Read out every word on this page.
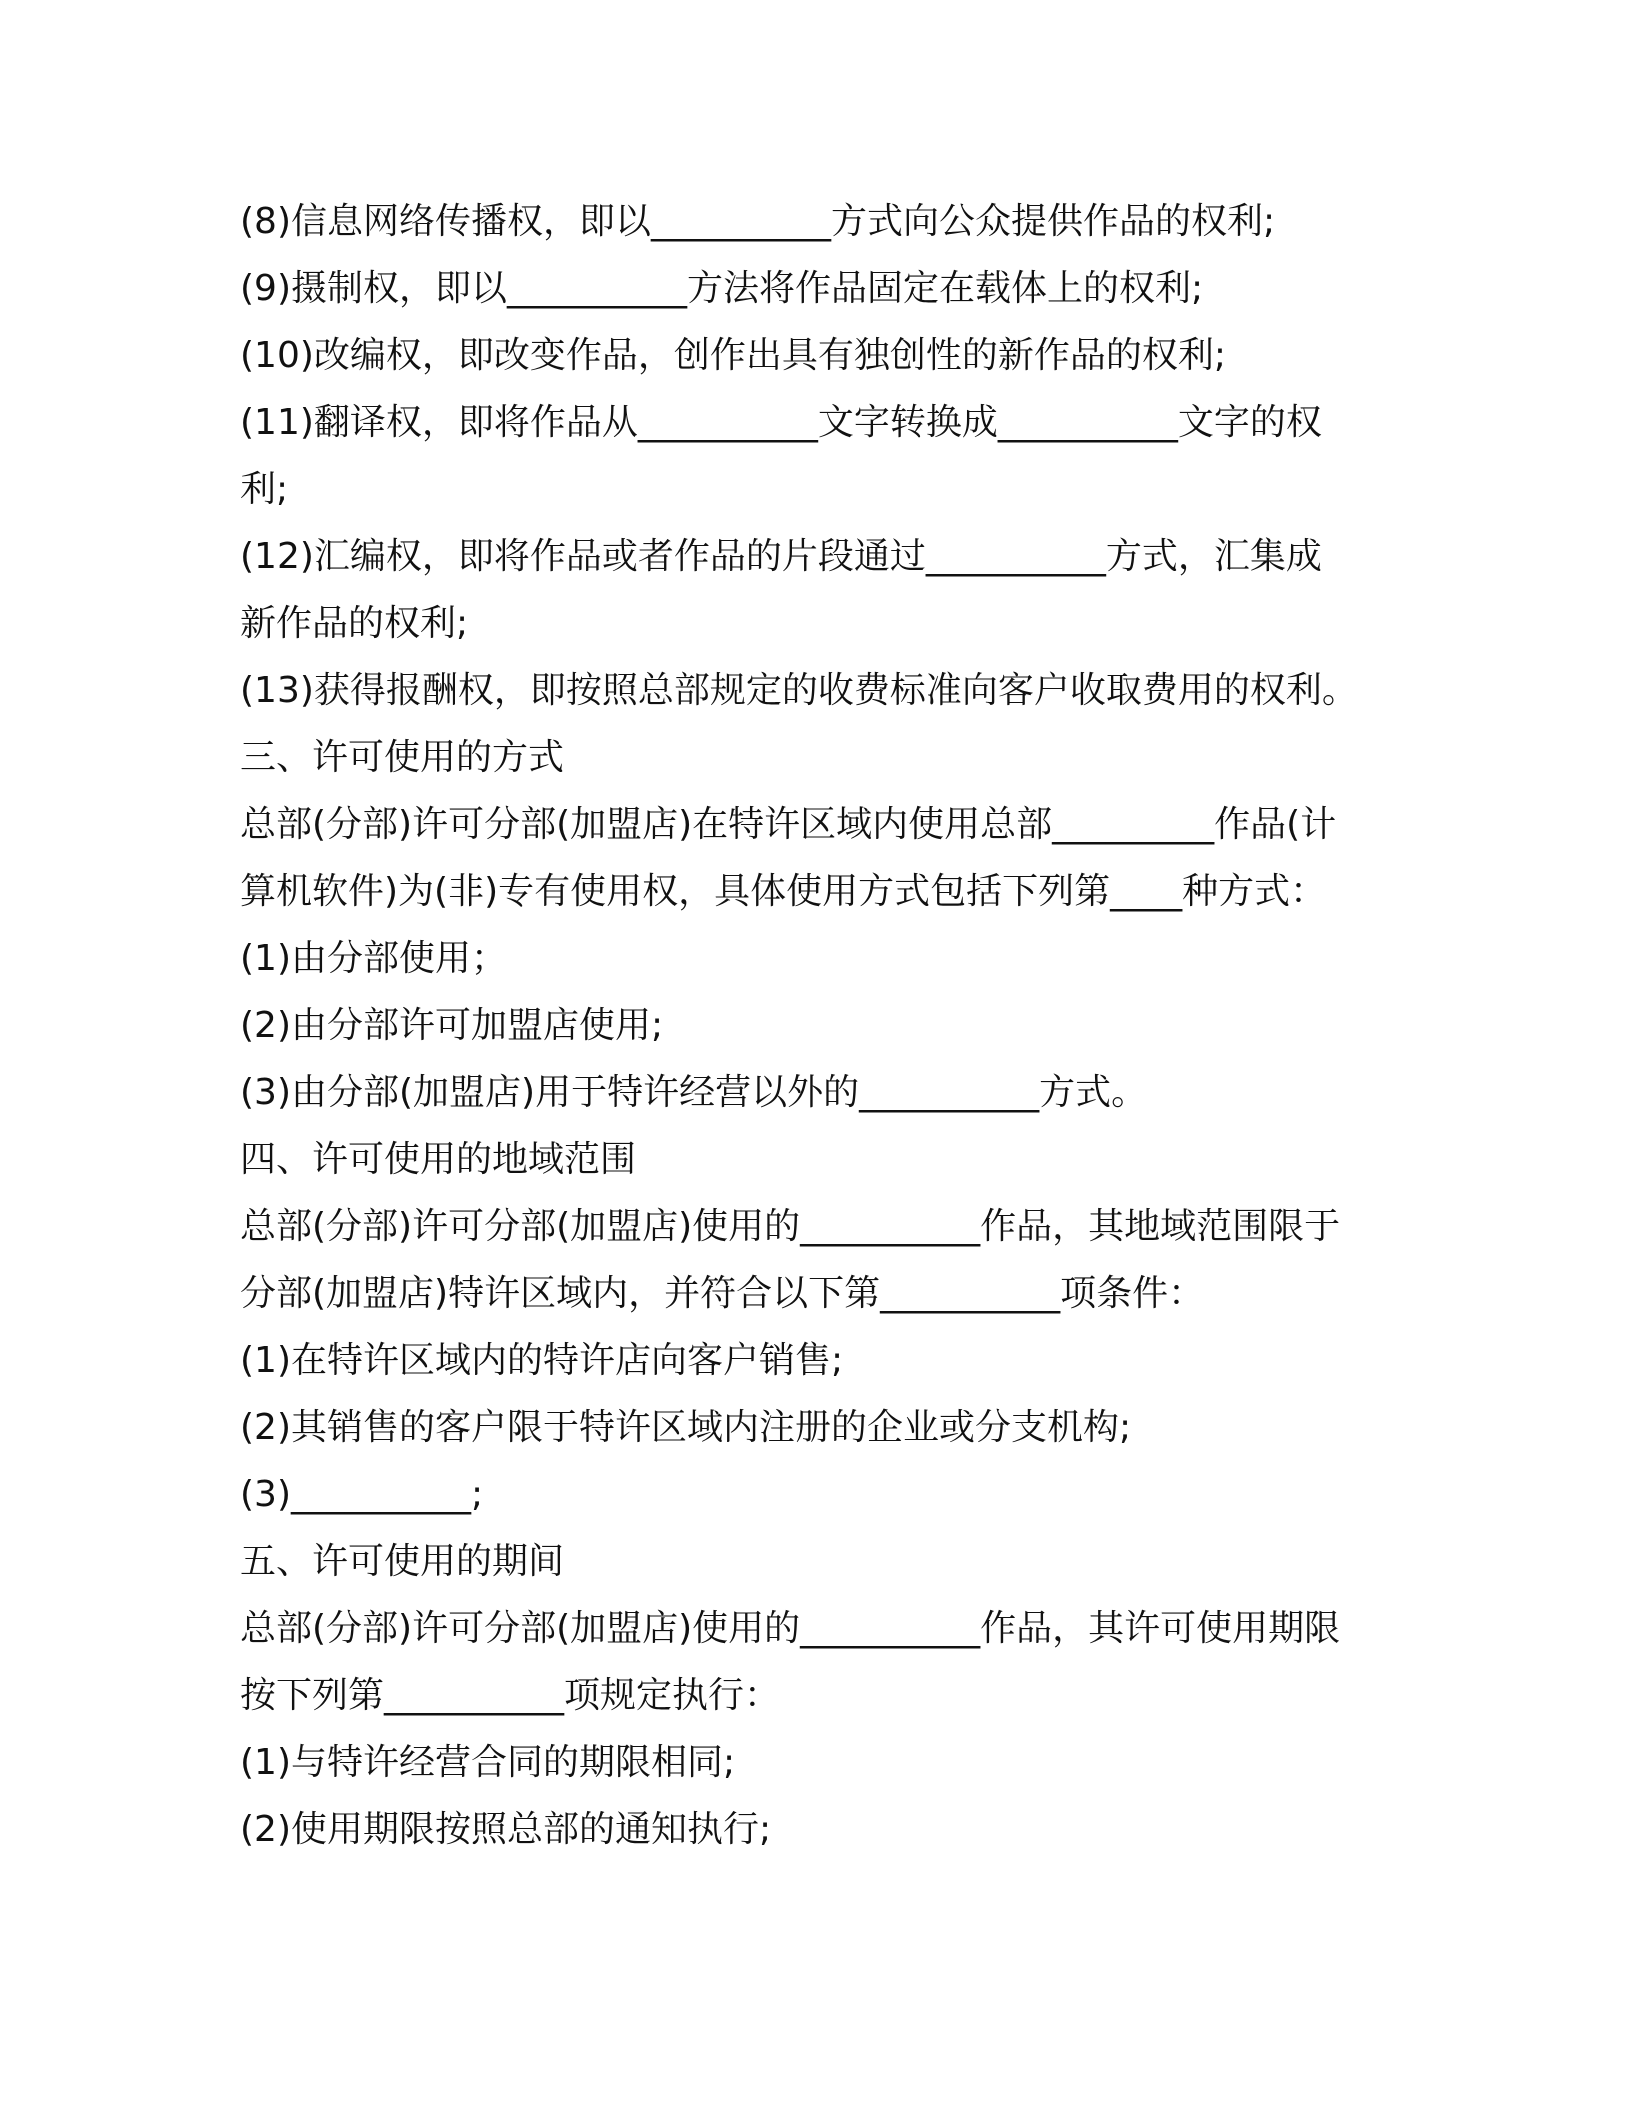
(8)信息网络传播权，即以__________方式向公众提供作品的权利;
(9)摄制权，即以__________方法将作品固定在载体上的权利;
(10)改编权，即改变作品，创作出具有独创性的新作品的权利;
(11)翻译权，即将作品从__________文字转换成__________文字的权
利;
(12)汇编权，即将作品或者作品的片段通过__________方式，汇集成
新作品的权利;
(13)获得报酬权，即按照总部规定的收费标准向客户收取费用的权利。
三、许可使用的方式
总部(分部)许可分部(加盟店)在特许区域内使用总部_________作品(计
算机软件)为(非)专有使用权，具体使用方式包括下列第____种方式：
(1)由分部使用；
(2)由分部许可加盟店使用;
(3)由分部(加盟店)用于特许经营以外的__________方式。
四、许可使用的地域范围
总部(分部)许可分部(加盟店)使用的__________作品，其地域范围限于
分部(加盟店)特许区域内，并符合以下第__________项条件：
(1)在特许区域内的特许店向客户销售;
(2)其销售的客户限于特许区域内注册的企业或分支机构;
(3)__________;
五、许可使用的期间
总部(分部)许可分部(加盟店)使用的__________作品，其许可使用期限
按下列第__________项规定执行：
(1)与特许经营合同的期限相同;
(2)使用期限按照总部的通知执行;
